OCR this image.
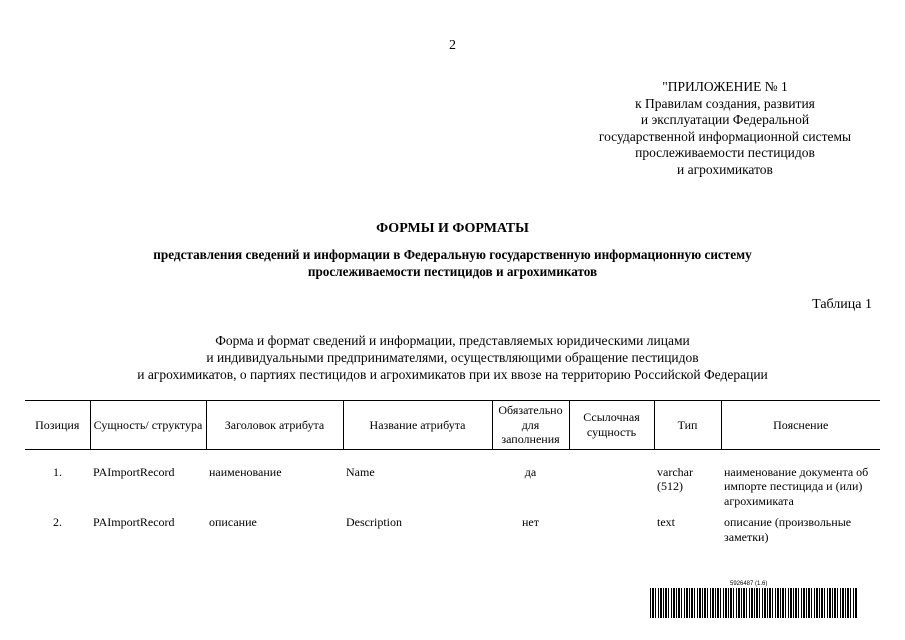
2
"ПРИЛОЖЕНИЕ № 1
к Правилам создания, развития
и эксплуатации Федеральной
государственной информационной системы
прослеживаемости пестицидов
и агрохимикатов
ФОРМЫ И ФОРМАТЫ
представления сведений и информации в Федеральную государственную информационную систему
прослеживаемости пестицидов и агрохимикатов
Таблица 1
Форма и формат сведений и информации, представляемых юридическими лицами
и индивидуальными предпринимателями, осуществляющими обращение пестицидов
и агрохимикатов, о партиях пестицидов и агрохимикатов при их ввозе на территорию Российской Федерации
Позиция	Сущность/ структура	Заголовок атрибута	Название атрибута	Обязательно для заполнения	Ссылочная сущность	Тип	Пояснение
1.	PAImportRecord	наименование	Name	да		varchar (512)	наименование документа об импорте пестицида и (или) агрохимиката
2.	PAImportRecord	описание	Description	нет		text	описание (произвольные заметки)
5926487 (1.6)
